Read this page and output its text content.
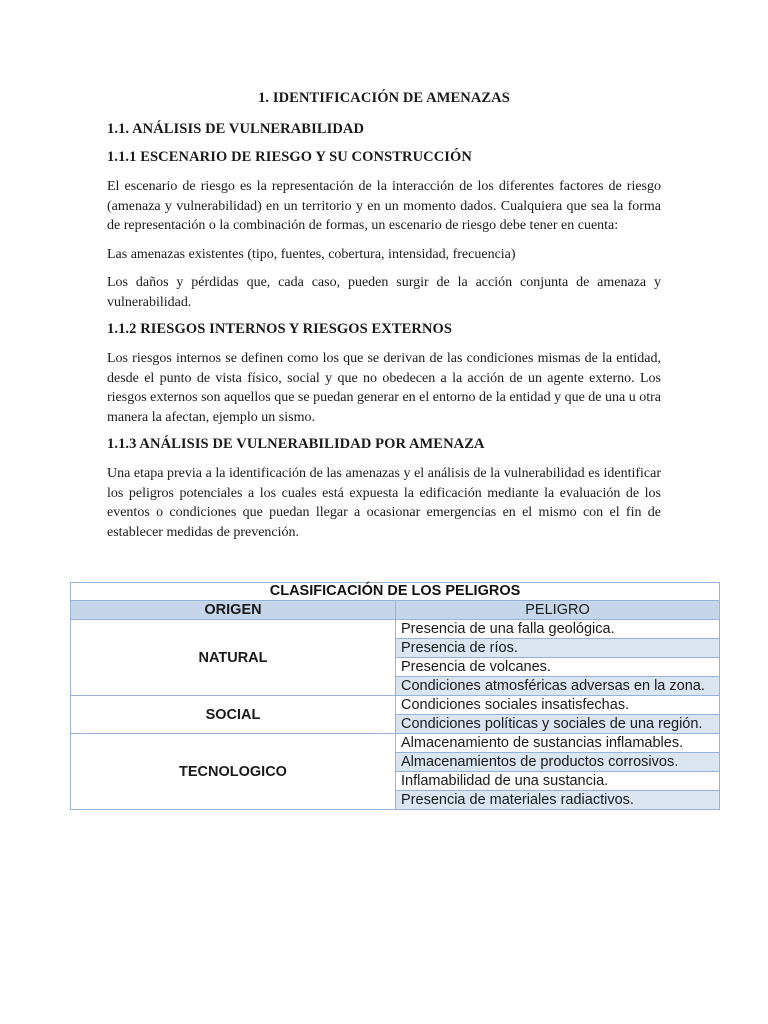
1. IDENTIFICACIÓN DE AMENAZAS
1.1. ANÁLISIS DE VULNERABILIDAD
1.1.1 ESCENARIO DE RIESGO Y SU CONSTRUCCIÓN

El escenario de riesgo es la representación de la interacción de los diferentes factores de riesgo (amenaza y vulnerabilidad) en un territorio y en un momento dados. Cualquiera que sea la forma de representación o la combinación de formas, un escenario de riesgo debe tener en cuenta:

Las amenazas existentes (tipo, fuentes, cobertura, intensidad, frecuencia)

Los daños y pérdidas que, cada caso, pueden surgir de la acción conjunta de amenaza y vulnerabilidad.

1.1.2 RIESGOS INTERNOS Y RIESGOS EXTERNOS

Los riesgos internos se definen como los que se derivan de las condiciones mismas de la entidad, desde el punto de vista físico, social y que no obedecen a la acción de un agente externo. Los riesgos externos son aquellos que se puedan generar en el entorno de la entidad y que de una u otra manera la afectan, ejemplo un sismo.

1.1.3 ANÁLISIS DE VULNERABILIDAD POR AMENAZA

Una etapa previa a la identificación de las amenazas y el análisis de la vulnerabilidad es identificar los peligros potenciales a los cuales está expuesta la edificación mediante la evaluación de los eventos o condiciones que puedan llegar a ocasionar emergencias en el mismo con el fin de establecer medidas de prevención.

CLASIFICACIÓN DE LOS PELIGROS	
ORIGEN	PELIGRO
NATURAL	Presencia de una falla geológica.
	Presencia de ríos.
	Presencia de volcanes.
	Condiciones atmosféricas adversas en la zona.
SOCIAL	Condiciones sociales insatisfechas.
	Condiciones políticas y sociales de una región.
TECNOLOGICO	Almacenamiento de sustancias inflamables.
	Almacenamientos de productos corrosivos.
	Inflamabilidad de una sustancia.
	Presencia de materiales radiactivos.
